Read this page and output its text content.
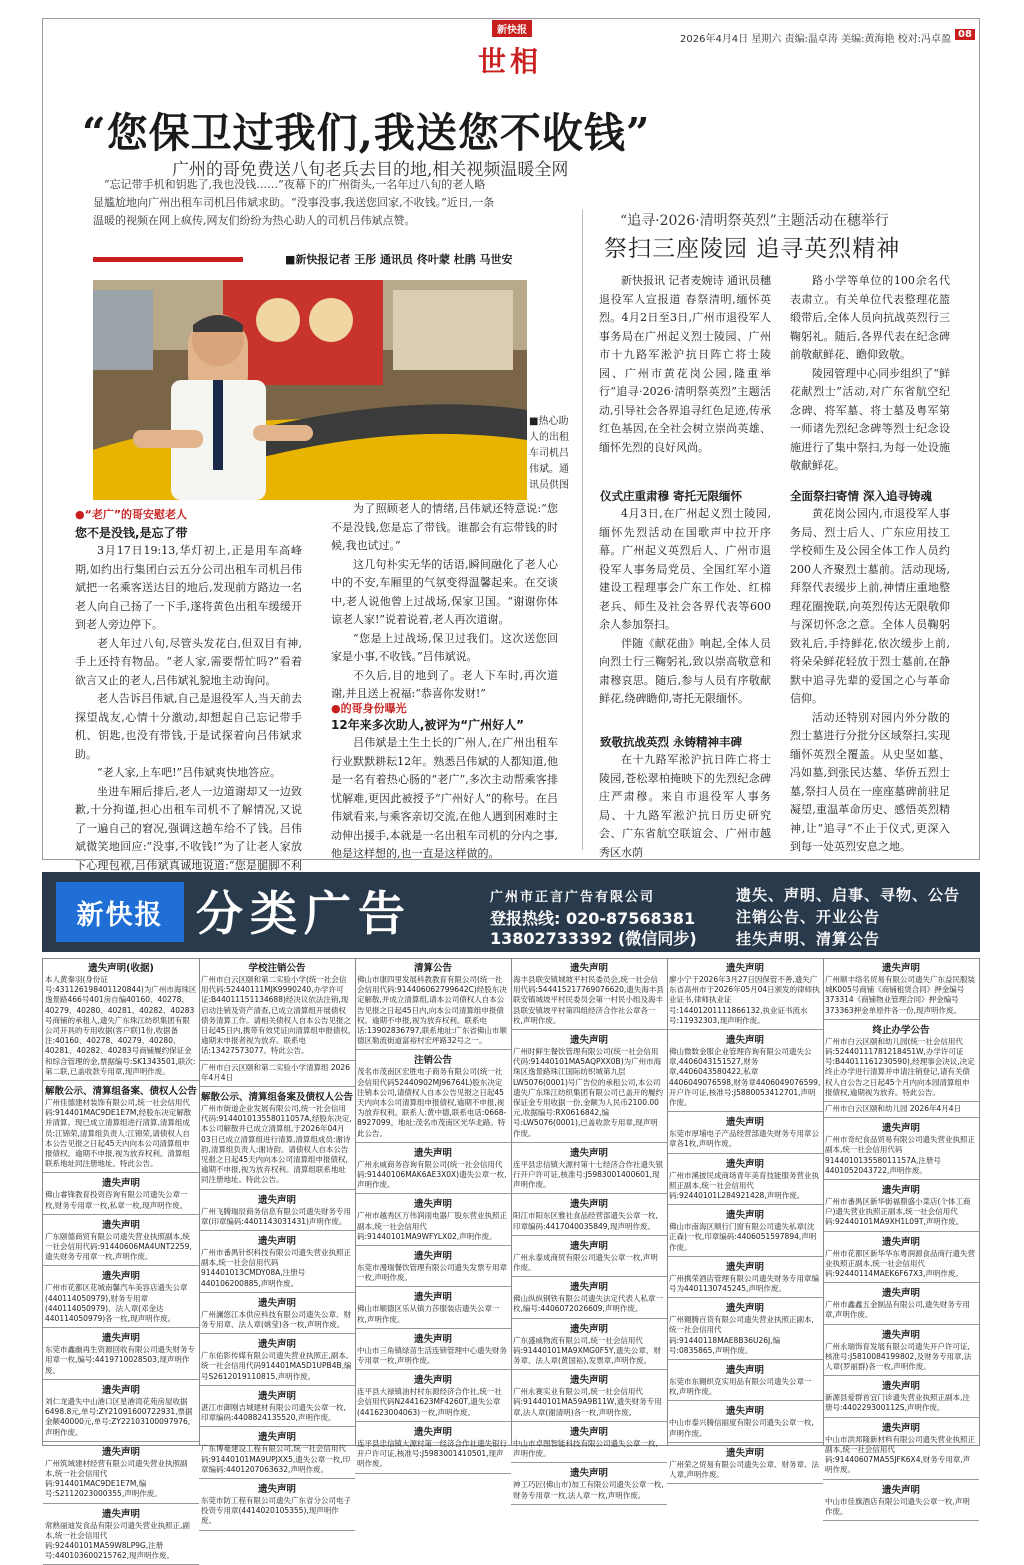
新快报
世相
2026年4月4日 星期六 责编:温卓涛 美编:黄海艳 校对:冯卓盈 08
“您保卫过我们,我送您不收钱”
广州的哥免费送八旬老兵去目的地,相关视频温暖全网
“忘记带手机和钥匙了,我也没钱……”夜幕下的广州街头,一名年过八旬的老人略显尴尬地向广州出租车司机吕伟斌求助。“没事没事,我送您回家,不收钱。”近日,一条温暖的视频在网上疯传,网友们纷纷为热心助人的司机吕伟斌点赞。
■新快报记者 王彤 通讯员 佟叶蒙 杜鹃 马世安
■热心助人的出租车司机吕伟斌。通讯员供图
●“老广”的哥安慰老人
您不是没钱,是忘了带

3月17日19:13,华灯初上,正是用车高峰期,如约出行集团白云五分公司出租车司机吕伟斌把一名乘客送达目的地后,发现前方路边一名老人向自己扬了一下手,遂将黄色出租车缓缓开到老人旁边停下。

老人年过八旬,尽管头发花白,但双目有神,手上还持有物品。“老人家,需要帮忙吗?”看着欲言又止的老人,吕伟斌礼貌地主动询问。

老人告诉吕伟斌,自己是退役军人,当天前去探望战友,心情十分激动,却想起自己忘记带手机、钥匙,也没有带钱,于是试探着向吕伟斌求助。

“老人家,上车吧!”吕伟斌爽快地答应。

坐进车厢后排后,老人一边道谢却又一边致歉,十分拘谨,担心出租车司机不了解情况,又说了一遍自己的窘况,强调这趟车给不了钱。吕伟斌微笑地回应:“没事,不收钱!”为了让老人家放下心理包袱,吕伟斌真诚地说道:“您是腿脚不利

为了照顾老人的情绪,吕伟斌还特意说:“您不是没钱,您是忘了带钱。谁都会有忘带钱的时候,我也试过。”

这几句朴实无华的话语,瞬间融化了老人心中的不安,车厢里的气氛变得温馨起来。在交谈中,老人说他曾上过战场,保家卫国。“谢谢你体谅老人家!”说着说着,老人再次道谢。

“您是上过战场,保卫过我们。这次送您回家是小事,不收钱。”吕伟斌说。

不久后,目的地到了。老人下车时,再次道谢,并且送上祝福:“恭喜你发财!”

●的哥身份曝光
12年来多次助人,被评为“广州好人”

吕伟斌是土生土长的广州人,在广州出租车行业默默耕耘12年。熟悉吕伟斌的人都知道,他是一名有着热心肠的“老广”,多次主动帮乘客排忧解难,更因此被授予“广州好人”的称号。在吕伟斌看来,与乘客亲切交流,在他人遇到困难时主动伸出援手,本就是一名出租车司机的分内之事,他是这样想的,也一直是这样做的。

“追寻·2026·清明祭英烈”主题活动在穗举行
祭扫三座陵园 追寻英烈精神

新快报讯 记者麦婉诗 通讯员穗退役军人宣报道 春祭清明,缅怀英烈。4月2日至3日,广州市退役军人事务局在广州起义烈士陵园、广州市十九路军淞沪抗日阵亡将士陵园、广州市黄花岗公园,隆重举行“追寻·2026·清明祭英烈”主题活动,引导社会各界追寻红色足迹,传承红色基因,在全社会树立崇尚英雄、缅怀先烈的良好风尚。

仪式庄重肃穆 寄托无限缅怀

4月3日,在广州起义烈士陵园,缅怀先烈活动在国歌声中拉开序幕。广州起义英烈后人、广州市退役军人事务局党员、全国红军小道建设工程理事会广东工作处、红棉老兵、师生及社会各界代表等600余人参加祭扫。

伴随《献花曲》响起,全体人员向烈士行三鞠躬礼,致以崇高敬意和肃穆哀思。随后,参与人员有序敬献鲜花,绕碑瞻仰,寄托无限缅怀。

致敬抗战英烈 永铸精神丰碑

在十九路军淞沪抗日阵亡将士陵园,苍松翠柏掩映下的先烈纪念碑庄严肃穆。来自市退役军人事务局、十九路军淞沪抗日历史研究会、广东省航空联谊会、广州市越秀区水荫

路小学等单位的100余名代表肃立。有关单位代表整理花篮缎带后,全体人员向抗战英烈行三鞠躬礼。随后,各界代表在纪念碑前敬献鲜花、瞻仰致敬。

陵园管理中心同步组织了“鲜花献烈士”活动,对广东省航空纪念碑、将军墓、将士墓及粤军第一师诸先烈纪念碑等烈士纪念设施进行了集中祭扫,为每一处设施敬献鲜花。

全面祭扫寄情 深入追寻铸魂

黄花岗公园内,市退役军人事务局、烈士后人、广东应用技工学校师生及公园全体工作人员约200人齐聚烈士墓前。活动现场,拜祭代表缓步上前,神情庄重地整理花圈挽联,向英烈传达无限敬仰与深切怀念之意。全体人员鞠躬致礼后,手持鲜花,依次缓步上前,将朵朵鲜花轻放于烈士墓前,在静默中追寻先辈的爱国之心与革命信仰。

活动还特别对园内外分散的烈士墓进行分批分区域祭扫,实现缅怀英烈全覆盖。从史坚如墓、冯如墓,到张民达墓、华侨五烈士墓,祭扫人员在一座座墓碑前驻足凝望,重温革命历史、感悟英烈精神,让“追寻”不止于仪式,更深入到每一处英烈安息之地。

新快报 分类广告	广州市正言广告有限公司
登报热线: 020-87568381
13802733392 (微信同步)
遗失、声明、启事、寻物、公告
注销公告、开业公告
挂失声明、清算公告
遗失声明(收据)
本人黄秦羽(身份证号:431126198401120844)为广州市海珠区逸景路466号401房自编40160、40278、40279、40280、40281、40282、40283号商铺的承租人,遗失广东珠江纺织集团有限公司开具的专用收据(客户联)1份,收据备注:40160、40278、40279、40280、40281、40282、40283号商铺履约保证金和综合管理的金,票据编号:SK1343501,联次:第二联,已盖收款专用章,现声明作废。
解散公示、清算组备案、债权人公告
广州佳德建材装饰有限公司,统一社会信用代码:914401MAC9DE1E7M,经股东决定解散并清算。现已成立清算组进行清算,清算组成员:江锦荣,清算组负责人:江锦荣,请债权人自本公告见报之日起45天内向本公司清算组申报债权。逾期不申报,视为放弃权利。清算组联系地址同注册地址。特此公告。
遗失声明
佛山睿锋教育投资咨询有限公司遗失公章一枚,财务专用章一枚,私章一枚,现声明作废。
遗失声明
广东颐德商贸有限公司遗失营业执照副本,统一社会信用代码:91440606MA4UNT2259,遗失财务专用章一枚,声明作废。
遗失声明
广州市花都区花城南馨汽车美容店遗失公章(440114050979),财务专用章(440114050979)、法人章(邓金达440114050979)各一枚,现声明作废。
遗失声明
东莞市鑫幽再生资源回收有限公司遗失财务专用章一枚,编号:4419710028503,现声明作废。
遗失声明
刘仁龙遗失中山港口区星港湾花苑房屋收据6498.8元,单号:ZY21091600722931,票据金额40000元,单号:ZY22103100097976,声明作废。
遗失声明
广州筑域建材经营有限公司遗失营业执照副本,统一社会信用代码:914401MAC9DE1E7M,编号:S2112023000355,声明作废。
遗失声明
常熟丽迪发食品有限公司遗失营业执照正,副本,统一社会信用代码:92440101MA59W8LP9G,注册号:440103600215762,现声明作废。
学校注销公告
广州市白云区颐和第二实验小学(统一社会信用代码:52440111MJK9990240,办学许可证:B44011151134688)经决议依法注销,现启动注销及资产清查,已成立清算组开展债权债务清算工作。请相关债权人自本公告见报之日起45日内,携带有效凭证向清算组申报债权,逾期未申报者视为放弃。联系电话:13427573077。特此公告。
广州市白云区颐和第二实验小学清算组 2026年4月4日
解散公示、清算组备案及债权人公告
广州市街道企业发展有限公司,统一社会信用代码:914401013558011057A,经股东决定,本公司解散并已成立清算组,于2026年04月03日已成立清算组进行清算,清算组成员:谢诗韵,清算组负责人:谢诗韵。请债权人自本公告见报之日起45天内向本公司清算组申报债权,逾期不申报,视为放弃权利。清算组联系地址同注册地址。特此公告。
遗失声明
广州飞腾瑞辰商务信息有限公司遗失财务专用章(印章编码:4401143031431)声明作废。
遗失声明
广州市番禺针织科技有限公司遗失营业执照正副本,统一社会信用代码914401013CMDY08A,注册号440106200885,声明作废。
遗失声明
广州澜悠江本供应科技有限公司遗失公章、财务专用章、法人章(姚莹)各一枚,声明作废。
遗失声明
广东佑影传媒有限公司遗失营业执照正,副本,统一社会信用代码914401MA5D1UPB4B,编号S2612019110815,声明作废。
遗失声明
湛江市御刚吉城建材有限公司遗失公章一枚,印章编码:4408824135520,声明作废。
遗失声明
广东博毫建设工程有限公司,统一社会信用代码:91440101MA9UPJXX5,遗失公章一枚,印章编码:4401207063632,声明作废。
遗失声明
东莞市防工程有限公司遗失广东省分公司电子投资专用章(4414020105355),现声明作废。
清算公告
佛山市康四里发展科教教育有限公司(统一社会信用代码:914406062799642C)经股东决定解散,并成立清算组,请本公司债权人自本公告见报之日起45日内,向本公司清算组申报债权。逾期不申报,视为放弃权利。联系电话:13902836797,联系地址:广东省佛山市顺德区勒流街道富裕村宏坪路32号之一。
注销公告
茂名市茂南区宏胜电子商务有限公司(统一社会信用代码52440902MJ96764L)股东决定注销本公司,请债权人自本公告见报之日起45天内向本公司清算组申报债权,逾期不申报,视为放弃权利。联系人:黄中德,联系电话:0668-8927099。地址:茂名市茂南区光华北路。特此公告。
遗失声明
广州永威商务咨询有限公司(统一社会信用代码:91440106MAK6AE3X0X)遗失公章一枚,声明作废。
遗失声明
广州市越秀区万伟润雨电器厂股东营业执照正副本,统一社会信用代码:91440101MA9WFYLX02,声明作废。
遗失声明
东莞市漫瑞餐饮管理有限公司遗失发票专用章一枚,声明作废。
遗失声明
佛山市顺德区乐从镇力莎服装店遗失公章一枚,声明作废。
遗失声明
中山市三角镇绿苗生活连锁管理中心遗失财务专用章一枚,声明作废。
遗失声明
连平县大禄镇油村村东源经济合作社,统一社会信用代码N2441623MF4260T,遗失公章(441623004063)一枚,声明作废。
遗失声明
连平县忠信镇大源村第一经济合作社遗失银行开户许可证,核准号:J5983001410501,现声明作废。
遗失声明
海丰县联安镇城坡平村民委员会,统一社会信用代码:544415217769076620,遗失海丰县联安镇城坡平村民委员会第一村民小组及海丰县联安镇坡平村第四组经济合作社公章各一枚,声明作废。
遗失声明
广州时鲜生餐饮管理有限公司(统一社会信用代码:91440101MA5AQPXX0B)为广州市海珠区逸景路珠江国际纺织城第九层LW5076(0001)号广告位的承租公司,本公司遗失广东珠江纺织集团有限公司已盖开的履约保证金专用收据一份,金额为人民币2100.00元,收据编号:RX0616842,编号:LW5076(0001),已盖收款专用章,现声明作废。
遗失声明
连平县忠信镇大源村第十七经济合作社遗失银行开户许可证,核准号:J5983001400601,现声明作废。
遗失声明
阳江市阳东区雅社食品经营部遗失公章一枚,印章编码:4417040035849,现声明作废。
遗失声明
广州永泰成商贸有限公司遗失公章一枚,声明作废。
遗失声明
佛山纵纵钢铁有限公司遗失法定代表人私章一枚,编号:4406072026609,声明作废。
遗失声明
广东盛威物流有限公司,统一社会信用代码:91440101MA9XMG0F5Y,遗失公章、财务章、法人章(黄国裕),发票章,声明作废。
遗失声明
广州永赛实业有限公司,统一社会信用代码:91440101MA59A9B11W,遗失财务专用章,法人章(谢清明)各一枚,声明作废。
遗失声明
中山市卓图智能科技有限公司遗失公章一枚,声明作废。
遗失声明
神工巧匠(佛山市)加工有限公司遗失公章一枚,财务专用章一枚,法人章一枚,声明作废。
遗失声明
廖小宁于2026年3月27日因保管不善,遗失广东省高州市于2026年05月04日颁发的律师执业证书,律师执业证号:14401201111866132,执业证书流水号:11932303,现声明作废。
遗失声明
佛山微数金服企业管理咨询有限公司遗失公章,4406043151527,财务章,4406043580422,私章4406049076598,财务章4406049076599,开户许可证,核准号:J5880053412701,声明作废。
遗失声明
东莞市厚埔电子产品经营部遗失财务专用章公章各1枚,声明作废。
遗失声明
广州市溪披民成商场青年美育技能服务营业执照正副本,统一社会信用代码:92440101L284921428,声明作废。
遗失声明
佛山市南海区顺行门窗有限公司遗失私章(沈正森)一枚,印章编码:4406051597894,声明作废。
遗失声明
广州携荣酒店管理有限公司遗失财务专用章编号为4401130745245,声明作废。
遗失声明
广州翱腾百货有限公司遗失营业执照正副本,统一社会信用代码:91440118MAE8B36U26J,编号:0835865,声明作废。
遗失声明
东莞市东翱织克实用品有限公司遗失公章一枚,声明作废。
遗失声明
中山市泰兴腾信丽度有限公司遗失公章一枚,声明作废。
遗失声明
广州荣之贸易有限公司遗失公章、财务章、法人章,声明作废。
遗失声明
广州顺丰络名贸易有限公司遗失广东益民服装城K005号商铺《商铺租赁合同》押金编号373314《商铺物业管理合同》押金编号373363押金单原件各一份,现声明作废。
终止办学公告
广州市白云区颐和幼儿园(统一社会信用代码:52440111781218451W,办学许可证号:B44011161230590),经理事会决议,决定终止办学进行清算并申请注销登记,请有关债权人自公告之日起45个月内向本园清算组申报债权,逾期视为放弃。特此公告。
广州市白云区颐和幼儿园 2026年4月4日
遗失声明
广州市奇纪食品贸易有限公司遗失营业执照正副本,统一社会信用代码914401013558011157A,注册号4401052043722,声明作废。
遗失声明
广州市番禺区新华街福鼎盛小菜店(个体工商户)遗失营业执照正副本,统一社会信用代码:92440101MA9XH1L09T,声明作废。
遗失声明
广州市花都区新华华东粤润源食品商行遗失营业执照正副本,统一社会信用代码:92440114MAEK6F67X3,声明作废。
遗失声明
广州市鑫鑫五金制品有限公司,遗失财务专用章,声明作废。
遗失声明
广州永瑞饰育发展有限公司遗失开户许可证,核准号:J5810084199802,及财务专用章,法人章(罗丽群)各一枚,声明作废。
遗失声明
新源县爱群首宜门诊遗失营业执照正副本,注册号:440229300112S,声明作废。
遗失声明
中山市洪邦隆新材料有限公司遗失营业执照正副本,统一社会信用代码:91440607MA55JFK6X4,财务专用章,声明作废。
遗失声明
中山市佳旗酒店有限公司遗失公章一枚,声明作废。
